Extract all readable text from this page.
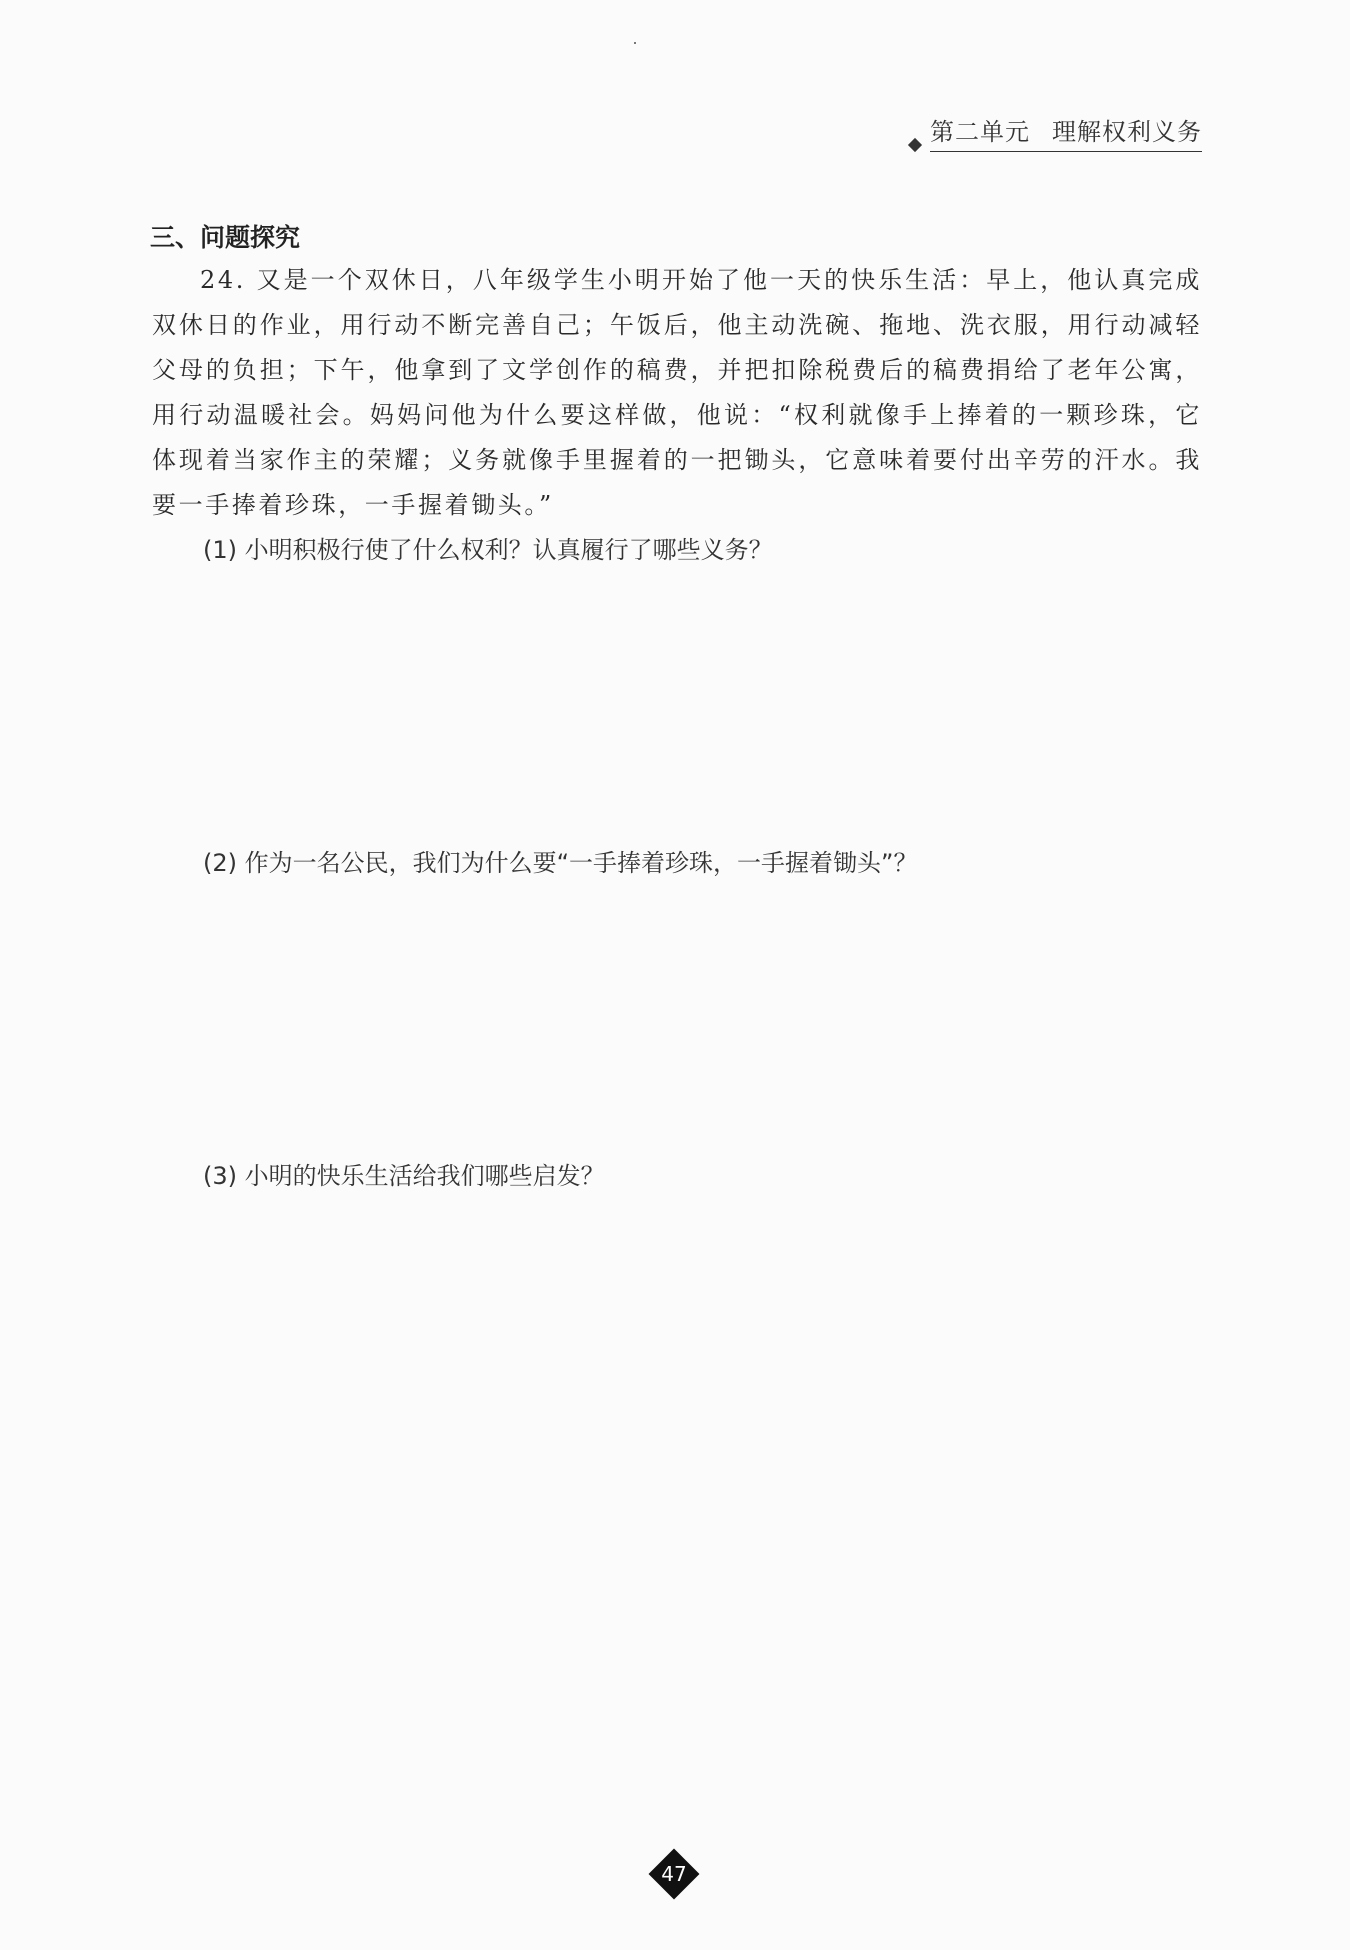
第二单元 理解权利义务
三、问题探究
24. 又是一个双休日，八年级学生小明开始了他一天的快乐生活：早上，他认真完成双休日的作业，用行动不断完善自己；午饭后，他主动洗碗、拖地、洗衣服，用行动减轻父母的负担；下午，他拿到了文学创作的稿费，并把扣除税费后的稿费捐给了老年公寓，用行动温暖社会。妈妈问他为什么要这样做，他说：“权利就像手上捧着的一颗珍珠，它体现着当家作主的荣耀；义务就像手里握着的一把锄头，它意味着要付出辛劳的汗水。我要一手捧着珍珠，一手握着锄头。”
(1) 小明积极行使了什么权利？认真履行了哪些义务？
(2) 作为一名公民，我们为什么要“一手捧着珍珠，一手握着锄头”？
(3) 小明的快乐生活给我们哪些启发？
47
